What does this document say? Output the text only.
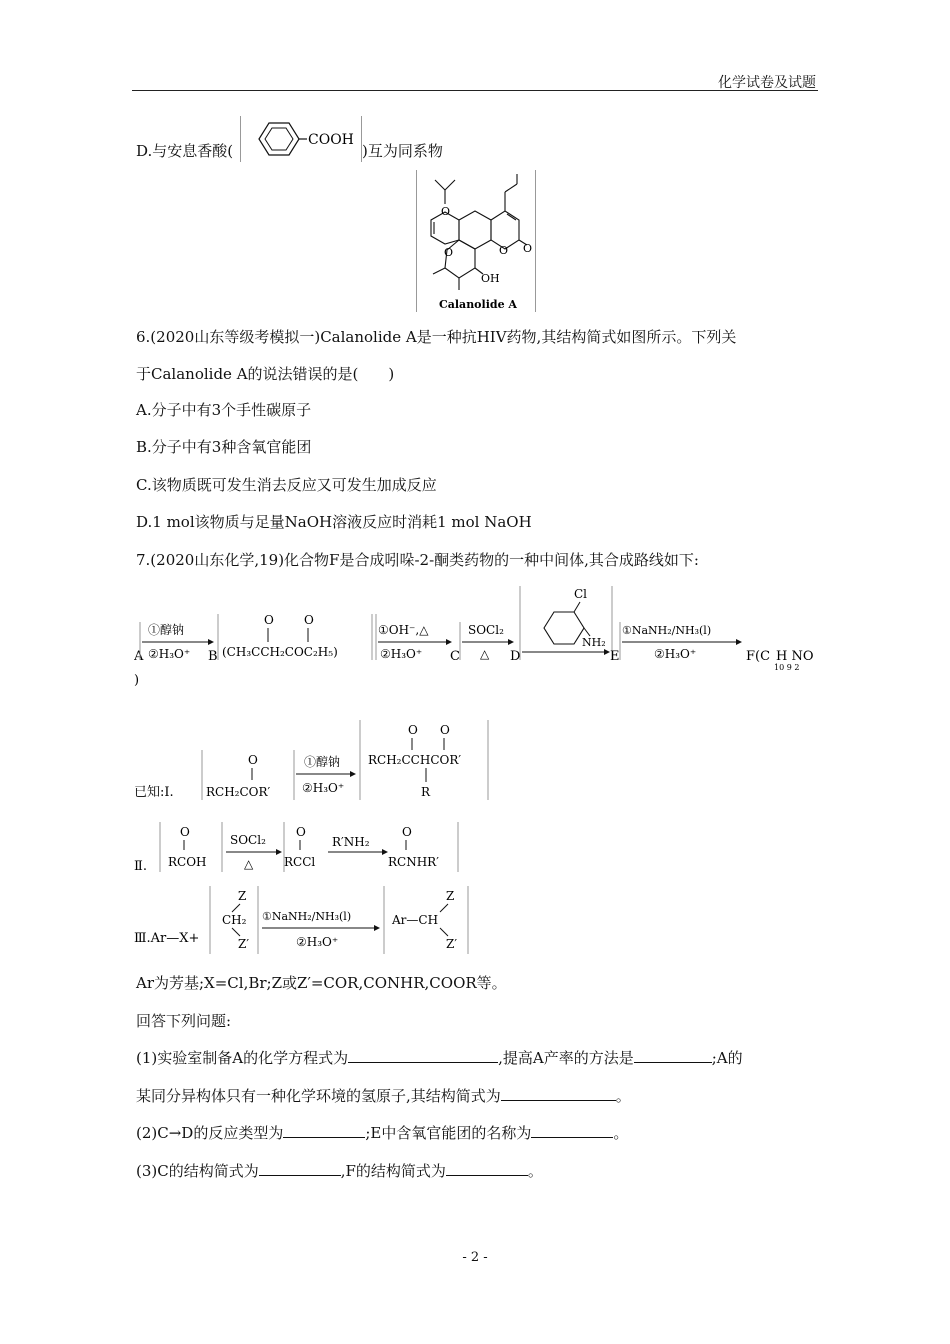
化学试卷及试题
D.与安息香酸(
COOH
)互为同系物
O
O	O O
OH
Calanolide A
6.(2020山东等级考模拟一)Calanolide A是一种抗HIV药物,其结构简式如图所示。下列关
于Calanolide A的说法错误的是(　　)
A.分子中有3个手性碳原子
B.分子中有3种含氧官能团
C.该物质既可发生消去反应又可发生加成反应
D.1 mol该物质与足量NaOH溶液反应时消耗1 mol NaOH
7.(2020山东化学,19)化合物F是合成吲哚-2-酮类药物的一种中间体,其合成路线如下:
A
①醇钠
②H₃O⁺ B
O	O
(CH₃CCH₂COC₂H₅)
①OH⁻,△
②H₃O⁺ C
SOCl₂
△ D
Cl
NH₂
E
①NaNH₂/NH₃(l)
②H₃O⁺	F(C H NO
10 9 2
)
已知:Ⅰ.
O
RCH₂COR′
①醇钠
②H₃O⁺
O O
RCH₂CCHCOR′
R
Ⅱ.
O
RCOH
SOCl₂
△
O
RCCl
R′NH₂
O
RCNHR′
Ⅲ.Ar—X+
Z
CH₂
Z′
①NaNH₂/NH₃(l)
②H₃O⁺
Z
Ar—CH
Z′
Ar为芳基;X=Cl,Br;Z或Z′=COR,CONHR,COOR等。
回答下列问题:
(1)实验室制备A的化学方程式为	,提高A产率的方法是	;A的
某同分异构体只有一种化学环境的氢原子,其结构简式为	。
(2)C→D的反应类型为	;E中含氧官能团的名称为	。
(3)C的结构简式为	,F的结构简式为	。
- 2 -
